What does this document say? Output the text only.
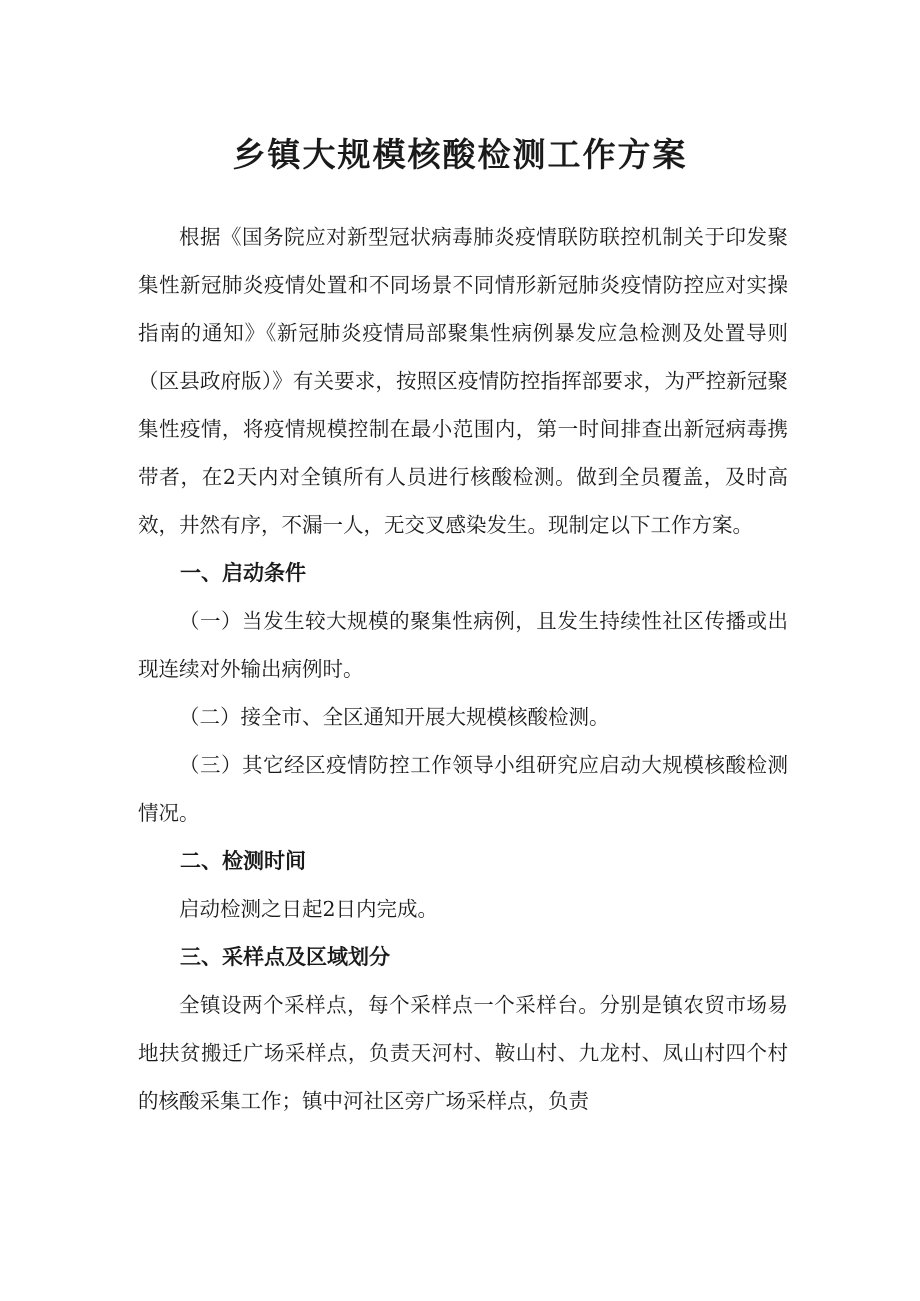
乡镇大规模核酸检测工作方案

根据《国务院应对新型冠状病毒肺炎疫情联防联控机制关于印发聚集性新冠肺炎疫情处置和不同场景不同情形新冠肺炎疫情防控应对实操指南的通知》《新冠肺炎疫情局部聚集性病例暴发应急检测及处置导则（区县政府版）》有关要求，按照区疫情防控指挥部要求，为严控新冠聚集性疫情，将疫情规模控制在最小范围内，第一时间排查出新冠病毒携带者，在2天内对全镇所有人员进行核酸检测。做到全员覆盖，及时高效，井然有序，不漏一人，无交叉感染发生。现制定以下工作方案。

一、启动条件

（一）当发生较大规模的聚集性病例，且发生持续性社区传播或出现连续对外输出病例时。

（二）接全市、全区通知开展大规模核酸检测。

（三）其它经区疫情防控工作领导小组研究应启动大规模核酸检测情况。

二、检测时间

启动检测之日起2日内完成。

三、采样点及区域划分

全镇设两个采样点，每个采样点一个采样台。分别是镇农贸市场易地扶贫搬迁广场采样点，负责天河村、鞍山村、九龙村、凤山村四个村的核酸采集工作；镇中河社区旁广场采样点，负责
